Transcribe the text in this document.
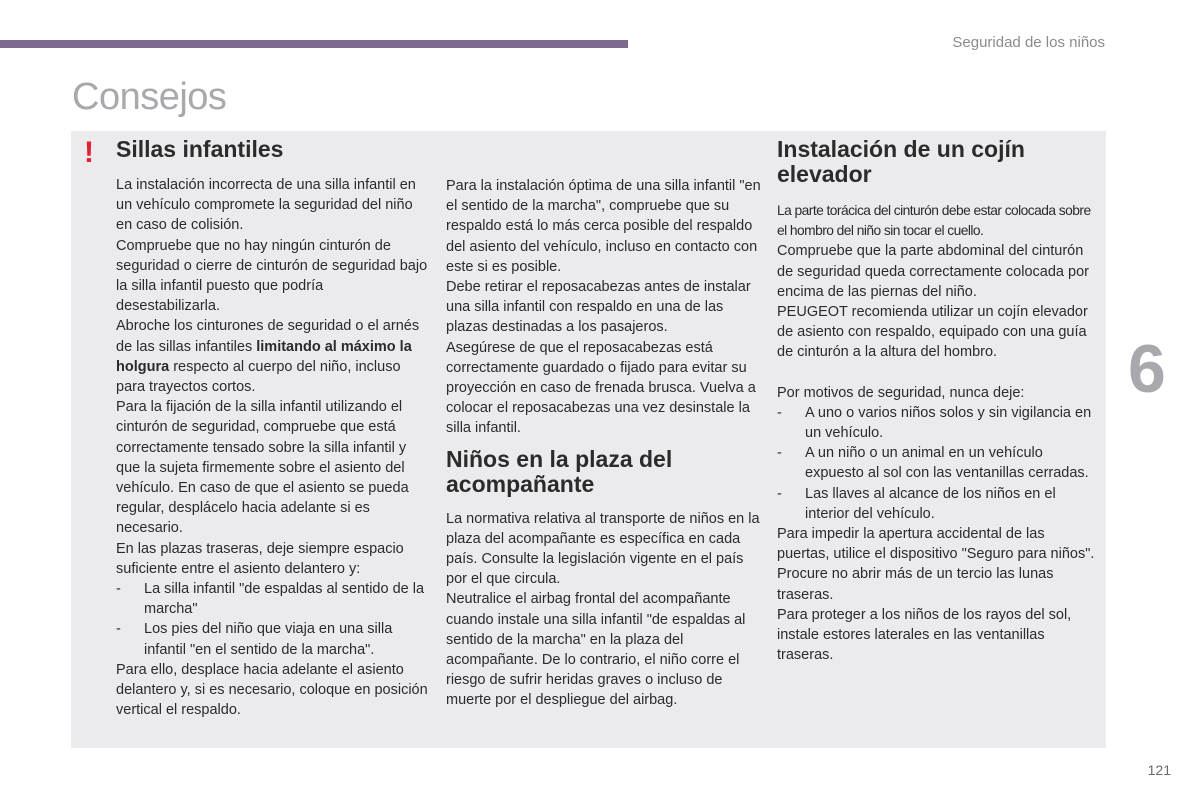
Seguridad de los niños
Consejos
! Sillas infantiles

La instalación incorrecta de una silla infantil en un vehículo compromete la seguridad del niño en caso de colisión.

Compruebe que no hay ningún cinturón de seguridad o cierre de cinturón de seguridad bajo la silla infantil puesto que podría desestabilizarla.

Abroche los cinturones de seguridad o el arnés de las sillas infantiles limitando al máximo la holgura respecto al cuerpo del niño, incluso para trayectos cortos.

Para la fijación de la silla infantil utilizando el cinturón de seguridad, compruebe que está correctamente tensado sobre la silla infantil y que la sujeta firmemente sobre el asiento del vehículo. En caso de que el asiento se pueda regular, desplácelo hacia adelante si es necesario.

En las plazas traseras, deje siempre espacio suficiente entre el asiento delantero y:

- La silla infantil "de espaldas al sentido de la marcha"
- Los pies del niño que viaja en una silla infantil "en el sentido de la marcha".

Para ello, desplace hacia adelante el asiento delantero y, si es necesario, coloque en posición vertical el respaldo.

Para la instalación óptima de una silla infantil "en el sentido de la marcha", compruebe que su respaldo está lo más cerca posible del respaldo del asiento del vehículo, incluso en contacto con este si es posible.

Debe retirar el reposacabezas antes de instalar una silla infantil con respaldo en una de las plazas destinadas a los pasajeros.

Asegúrese de que el reposacabezas está correctamente guardado o fijado para evitar su proyección en caso de frenada brusca. Vuelva a colocar el reposacabezas una vez desinstale la silla infantil.

Niños en la plaza del acompañante

La normativa relativa al transporte de niños en la plaza del acompañante es específica en cada país. Consulte la legislación vigente en el país por el que circula.

Neutralice el airbag frontal del acompañante cuando instale una silla infantil "de espaldas al sentido de la marcha" en la plaza del acompañante. De lo contrario, el niño corre el riesgo de sufrir heridas graves o incluso de muerte por el despliegue del airbag.

Instalación de un cojín elevador

La parte torácica del cinturón debe estar colocada sobre el hombro del niño sin tocar el cuello.

Compruebe que la parte abdominal del cinturón de seguridad queda correctamente colocada por encima de las piernas del niño.

PEUGEOT recomienda utilizar un cojín elevador de asiento con respaldo, equipado con una guía de cinturón a la altura del hombro.

Por motivos de seguridad, nunca deje:

- A uno o varios niños solos y sin vigilancia en un vehículo.
- A un niño o un animal en un vehículo expuesto al sol con las ventanillas cerradas.
- Las llaves al alcance de los niños en el interior del vehículo.

Para impedir la apertura accidental de las puertas, utilice el dispositivo "Seguro para niños".

Procure no abrir más de un tercio las lunas traseras.

Para proteger a los niños de los rayos del sol, instale estores laterales en las ventanillas traseras.

6
121
